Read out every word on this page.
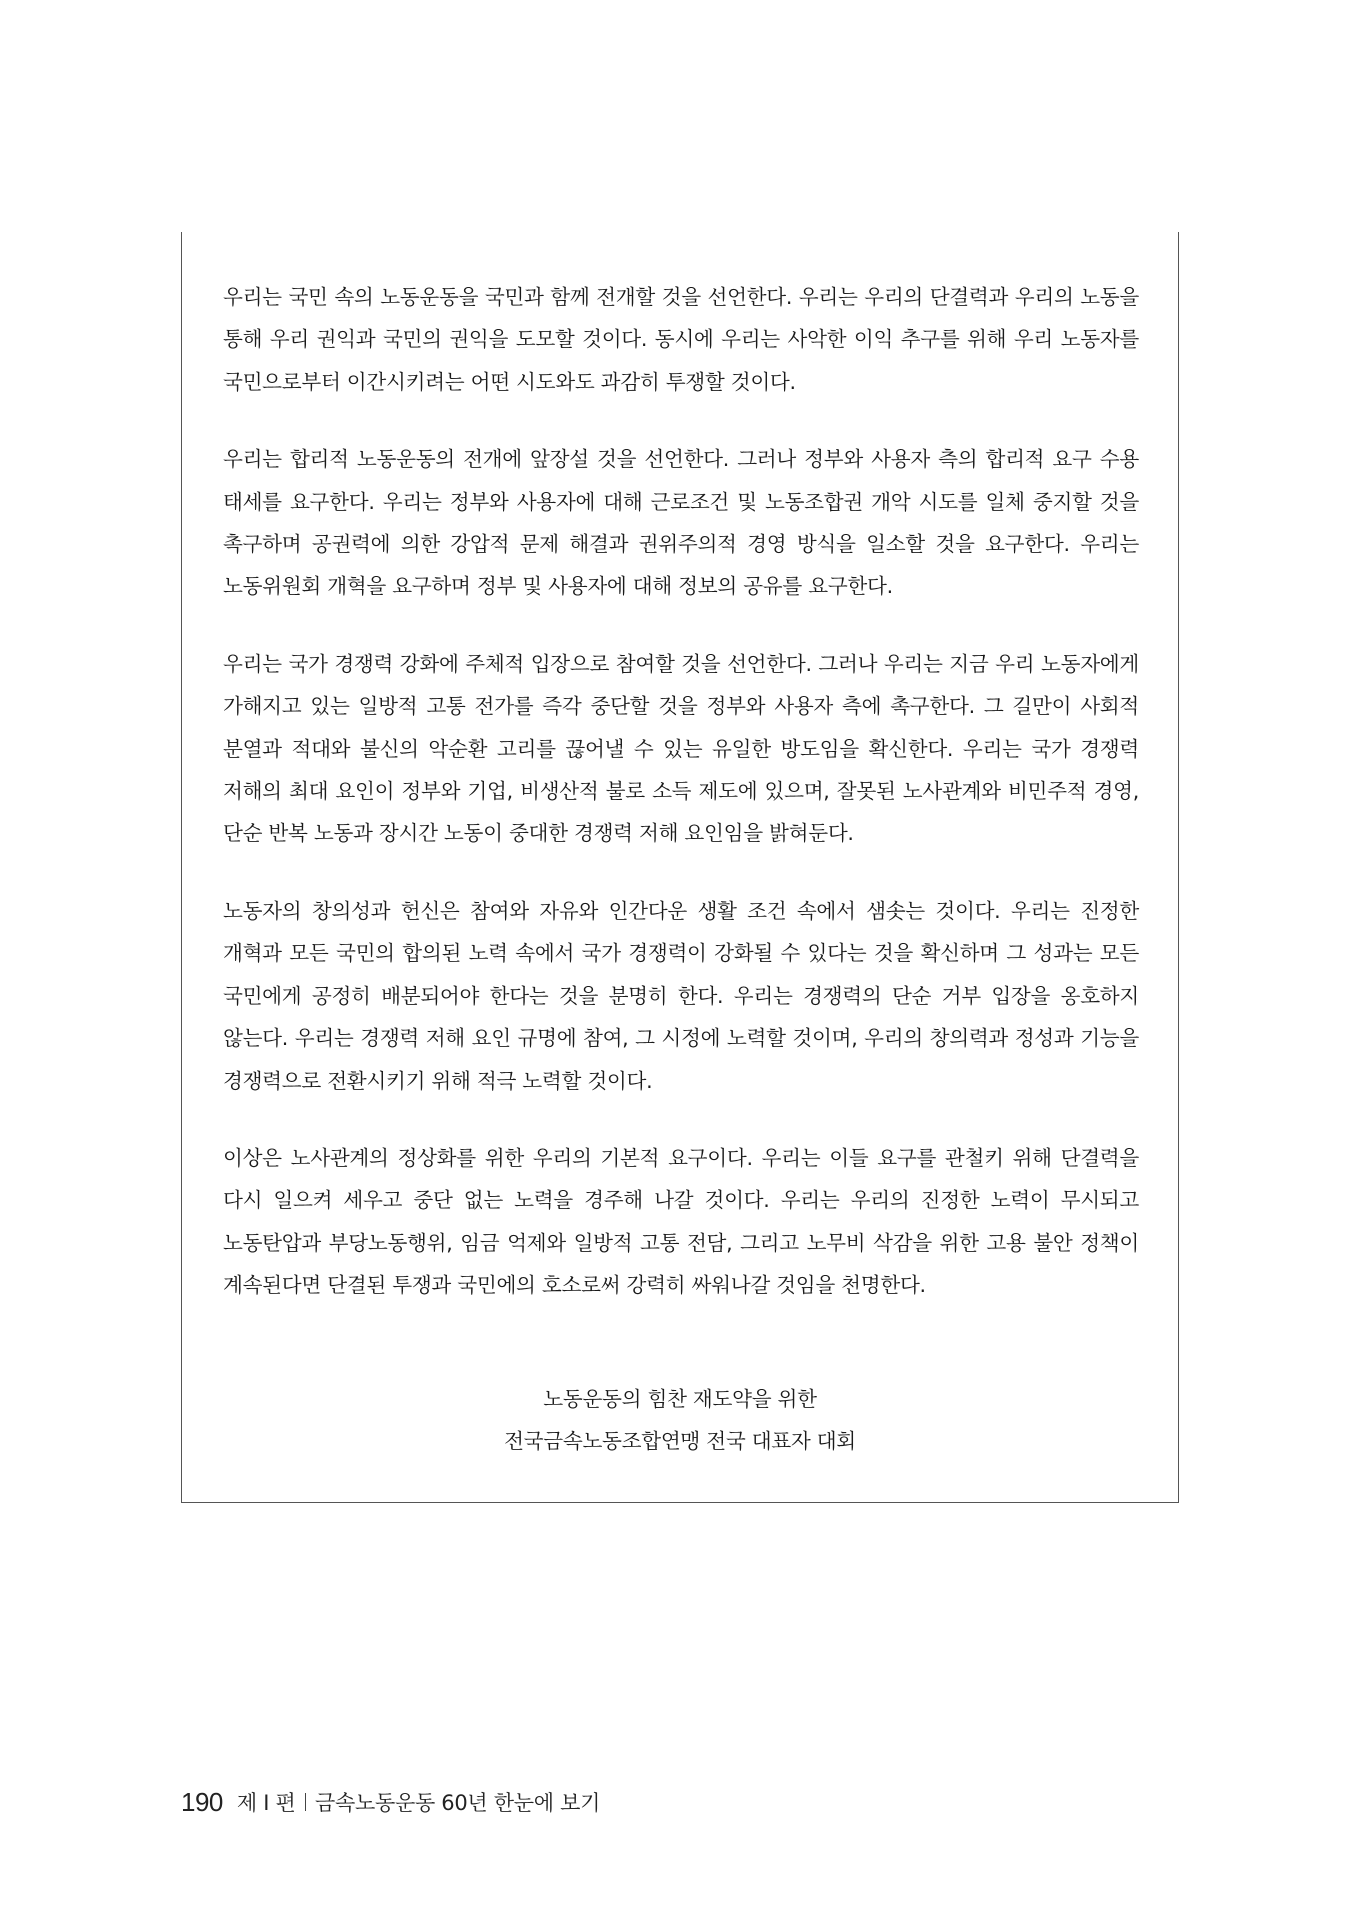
우리는 국민 속의 노동운동을 국민과 함께 전개할 것을 선언한다. 우리는 우리의 단결력과 우리의 노동을 통해 우리 권익과 국민의 권익을 도모할 것이다. 동시에 우리는 사악한 이익 추구를 위해 우리 노동자를 국민으로부터 이간시키려는 어떤 시도와도 과감히 투쟁할 것이다.

우리는 합리적 노동운동의 전개에 앞장설 것을 선언한다. 그러나 정부와 사용자 측의 합리적 요구 수용 태세를 요구한다. 우리는 정부와 사용자에 대해 근로조건 및 노동조합권 개악 시도를 일체 중지할 것을 촉구하며 공권력에 의한 강압적 문제 해결과 권위주의적 경영 방식을 일소할 것을 요구한다. 우리는 노동위원회 개혁을 요구하며 정부 및 사용자에 대해 정보의 공유를 요구한다.

우리는 국가 경쟁력 강화에 주체적 입장으로 참여할 것을 선언한다. 그러나 우리는 지금 우리 노동자에게 가해지고 있는 일방적 고통 전가를 즉각 중단할 것을 정부와 사용자 측에 촉구한다. 그 길만이 사회적 분열과 적대와 불신의 악순환 고리를 끊어낼 수 있는 유일한 방도임을 확신한다. 우리는 국가 경쟁력 저해의 최대 요인이 정부와 기업, 비생산적 불로 소득 제도에 있으며, 잘못된 노사관계와 비민주적 경영, 단순 반복 노동과 장시간 노동이 중대한 경쟁력 저해 요인임을 밝혀둔다.

노동자의 창의성과 헌신은 참여와 자유와 인간다운 생활 조건 속에서 샘솟는 것이다. 우리는 진정한 개혁과 모든 국민의 합의된 노력 속에서 국가 경쟁력이 강화될 수 있다는 것을 확신하며 그 성과는 모든 국민에게 공정히 배분되어야 한다는 것을 분명히 한다. 우리는 경쟁력의 단순 거부 입장을 옹호하지 않는다. 우리는 경쟁력 저해 요인 규명에 참여, 그 시정에 노력할 것이며, 우리의 창의력과 정성과 기능을 경쟁력으로 전환시키기 위해 적극 노력할 것이다.

이상은 노사관계의 정상화를 위한 우리의 기본적 요구이다. 우리는 이들 요구를 관철키 위해 단결력을 다시 일으켜 세우고 중단 없는 노력을 경주해 나갈 것이다. 우리는 우리의 진정한 노력이 무시되고 노동탄압과 부당노동행위, 임금 억제와 일방적 고통 전담, 그리고 노무비 삭감을 위한 고용 불안 정책이 계속된다면 단결된 투쟁과 국민에의 호소로써 강력히 싸워나갈 것임을 천명한다.

노동운동의 힘찬 재도약을 위한
전국금속노동조합연맹 전국 대표자 대회
190 제 I 편 금속노동운동 60년 한눈에 보기
